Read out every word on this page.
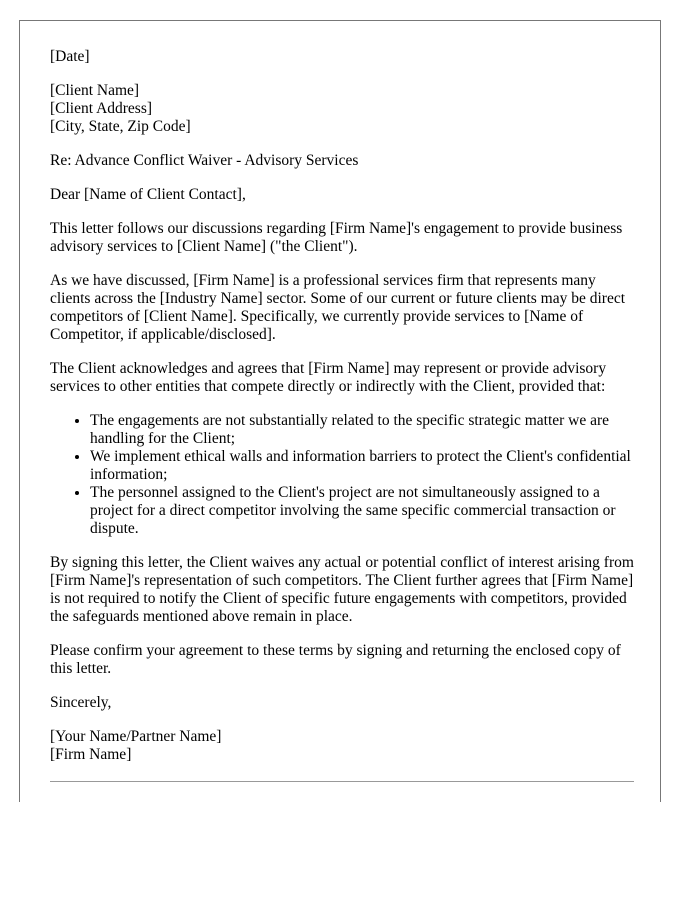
[Date]

[Client Name]
[Client Address]
[City, State, Zip Code]

Re: Advance Conflict Waiver - Advisory Services

Dear [Name of Client Contact],

This letter follows our discussions regarding [Firm Name]'s engagement to provide business advisory services to [Client Name] ("the Client").

As we have discussed, [Firm Name] is a professional services firm that represents many clients across the [Industry Name] sector. Some of our current or future clients may be direct competitors of [Client Name]. Specifically, we currently provide services to [Name of Competitor, if applicable/disclosed].

The Client acknowledges and agrees that [Firm Name] may represent or provide advisory services to other entities that compete directly or indirectly with the Client, provided that:

• The engagements are not substantially related to the specific strategic matter we are handling for the Client;
• We implement ethical walls and information barriers to protect the Client's confidential information;
• The personnel assigned to the Client's project are not simultaneously assigned to a project for a direct competitor involving the same specific commercial transaction or dispute.

By signing this letter, the Client waives any actual or potential conflict of interest arising from [Firm Name]'s representation of such competitors. The Client further agrees that [Firm Name] is not required to notify the Client of specific future engagements with competitors, provided the safeguards mentioned above remain in place.

Please confirm your agreement to these terms by signing and returning the enclosed copy of this letter.

Sincerely,

[Your Name/Partner Name]
[Firm Name]
